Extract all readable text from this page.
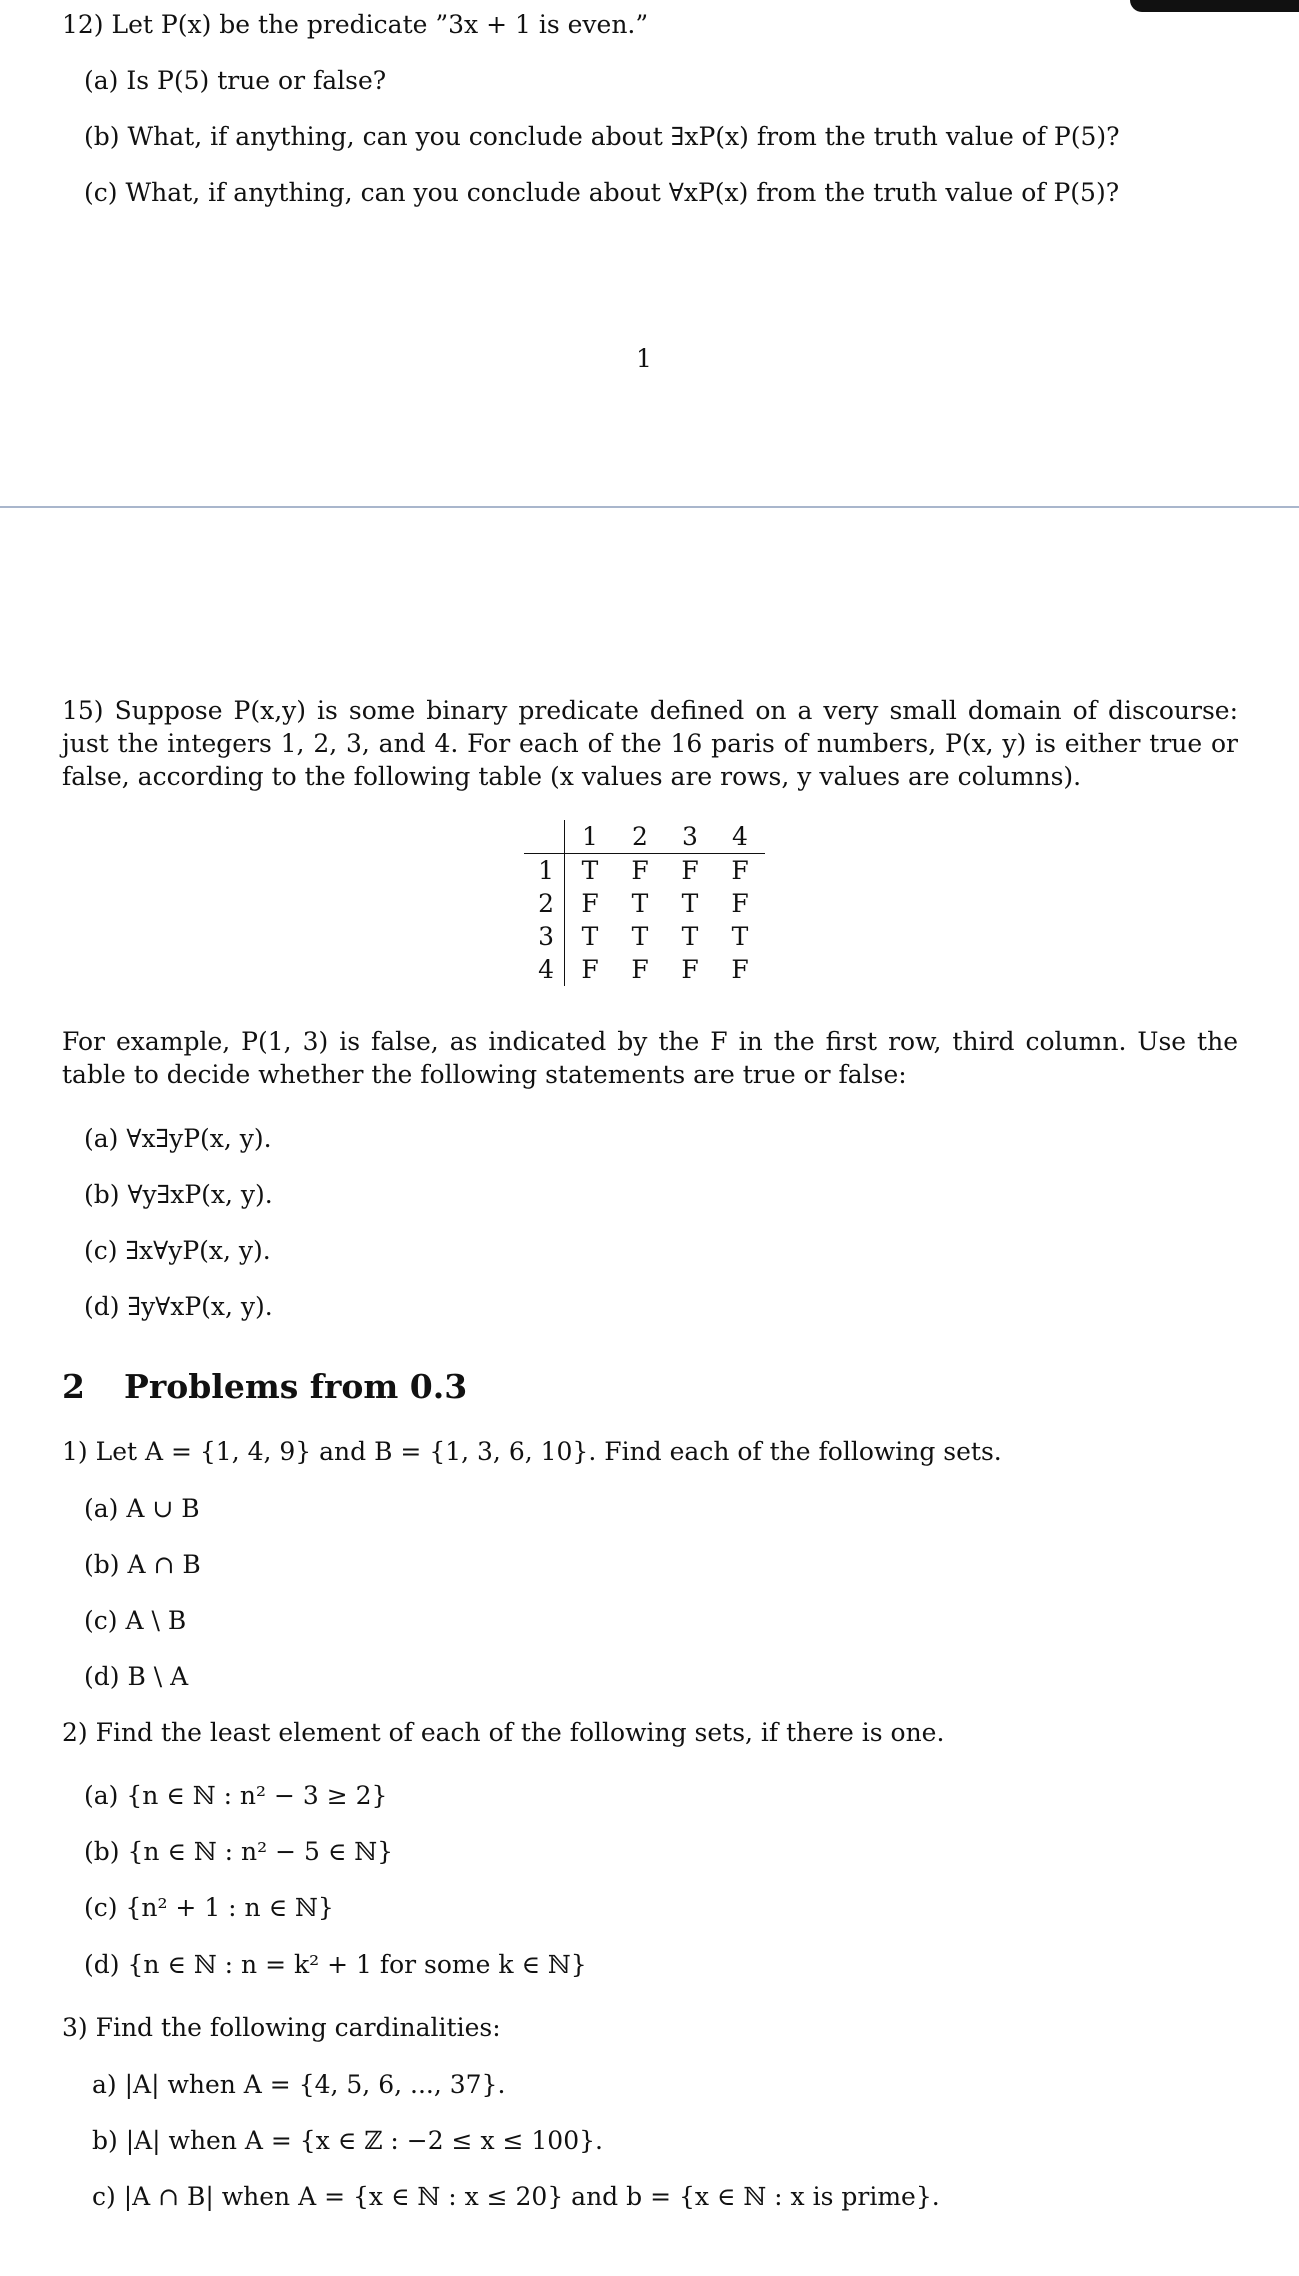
12) Let P(x) be the predicate ”3x + 1 is even.”
(a) Is P(5) true or false?
(b) What, if anything, can you conclude about ∃xP(x) from the truth value of P(5)?
(c) What, if anything, can you conclude about ∀xP(x) from the truth value of P(5)?
1
15) Suppose P(x,y) is some binary predicate defined on a very small domain of discourse: just the integers 1, 2, 3, and 4. For each of the 16 paris of numbers, P(x, y) is either true or false, according to the following table (x values are rows, y values are columns).
	1	2	3	4
1	T	F	F	F
2	F	T	T	F
3	T	T	T	T
4	F	F	F	F
For example, P(1, 3) is false, as indicated by the F in the first row, third column. Use the table to decide whether the following statements are true or false:
(a) ∀x∃yP(x, y).
(b) ∀y∃xP(x, y).
(c) ∃x∀yP(x, y).
(d) ∃y∀xP(x, y).
2 Problems from 0.3
1) Let A = {1, 4, 9} and B = {1, 3, 6, 10}. Find each of the following sets.
(a) A ∪ B
(b) A ∩ B
(c) A \ B
(d) B \ A
2) Find the least element of each of the following sets, if there is one.
(a) {n ∈ ℕ : n² − 3 ≥ 2}
(b) {n ∈ ℕ : n² − 5 ∈ ℕ}
(c) {n² + 1 : n ∈ ℕ}
(d) {n ∈ ℕ : n = k² + 1 for some k ∈ ℕ}
3) Find the following cardinalities:
a) |A| when A = {4, 5, 6, ..., 37}.
b) |A| when A = {x ∈ ℤ : −2 ≤ x ≤ 100}.
c) |A ∩ B| when A = {x ∈ ℕ : x ≤ 20} and b = {x ∈ ℕ : x is prime}.
